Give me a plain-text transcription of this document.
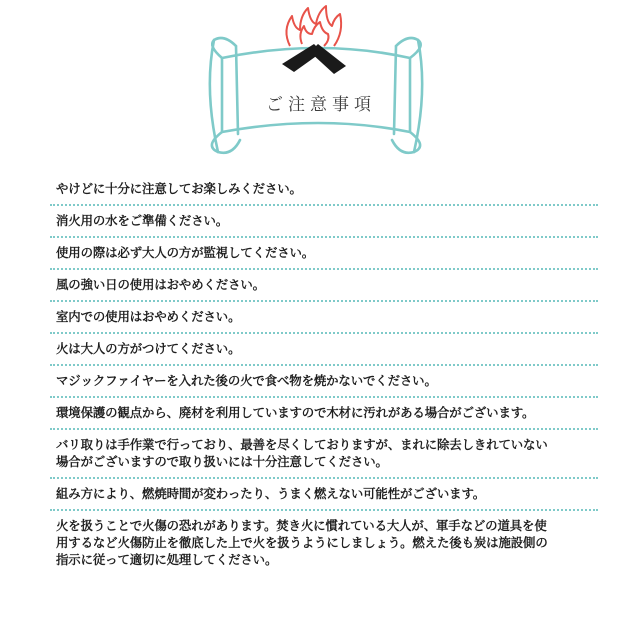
ご注意事項
やけどに十分に注意してお楽しみください。
消火用の水をご準備ください。
使用の際は必ず大人の方が監視してください。
風の強い日の使用はおやめください。
室内での使用はおやめください。
火は大人の方がつけてください。
マジックファイヤーを入れた後の火で食べ物を焼かないでください。
環境保護の観点から、廃材を利用していますので木材に汚れがある場合がございます。
バリ取りは手作業で行っており、最善を尽くしておりますが、まれに除去しきれていない
場合がございますので取り扱いには十分注意してください。
組み方により、燃焼時間が変わったり、うまく燃えない可能性がございます。
火を扱うことで火傷の恐れがあります。焚き火に慣れている大人が、軍手などの道具を使
用するなど火傷防止を徹底した上で火を扱うようにしましょう。燃えた後も炭は施設側の
指示に従って適切に処理してください。
